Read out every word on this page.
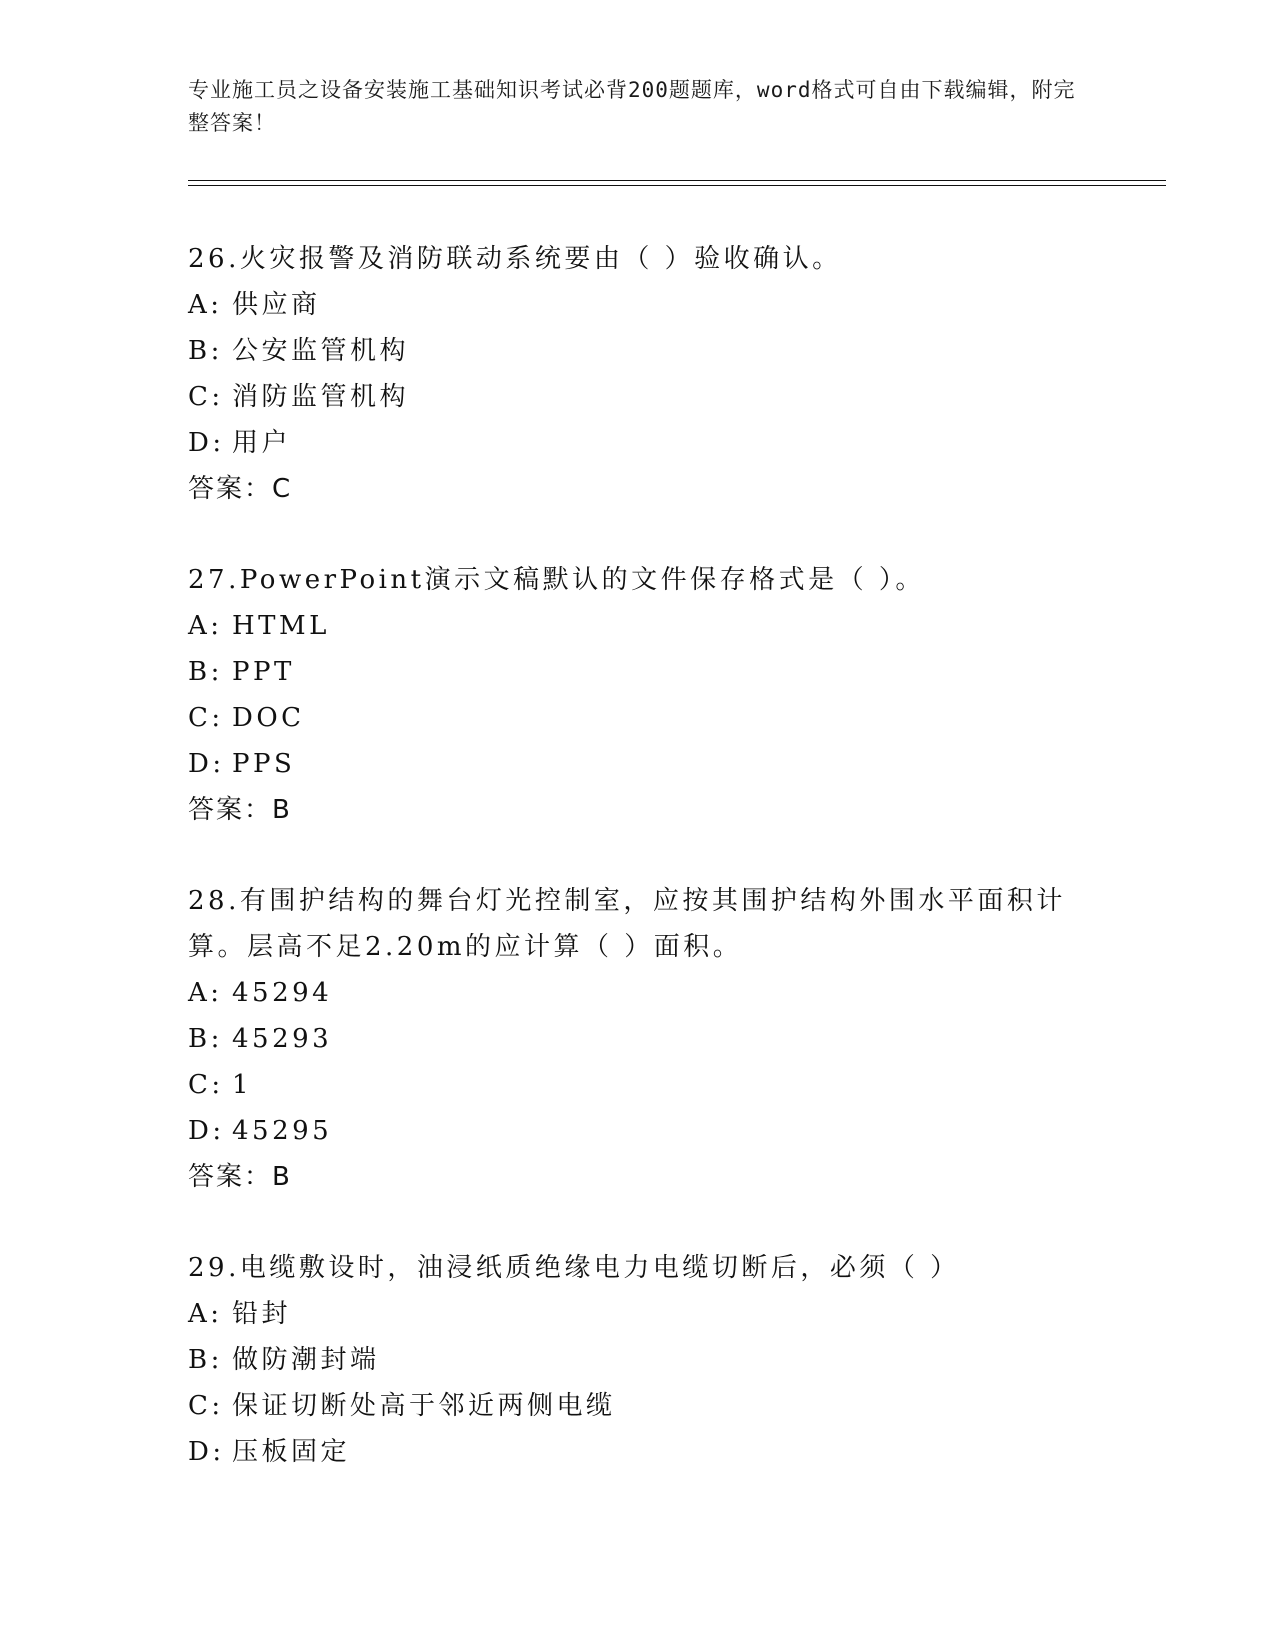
专业施工员之设备安装施工基础知识考试必背200题题库，word格式可自由下载编辑，附完整答案！

26.火灾报警及消防联动系统要由（ ）验收确认。

A: 供应商
B: 公安监管机构
C: 消防监管机构
D: 用户
答案：C

27.PowerPoint演示文稿默认的文件保存格式是（ ）。

A: HTML
B: PPT
C: DOC
D: PPS
答案：B

28.有围护结构的舞台灯光控制室，应按其围护结构外围水平面积计算。层高不足2.20m的应计算（ ）面积。

A: 45294
B: 45293
C: 1
D: 45295
答案：B

29.电缆敷设时，油浸纸质绝缘电力电缆切断后，必须（ ）

A: 铅封
B: 做防潮封端
C: 保证切断处高于邻近两侧电缆
D: 压板固定
